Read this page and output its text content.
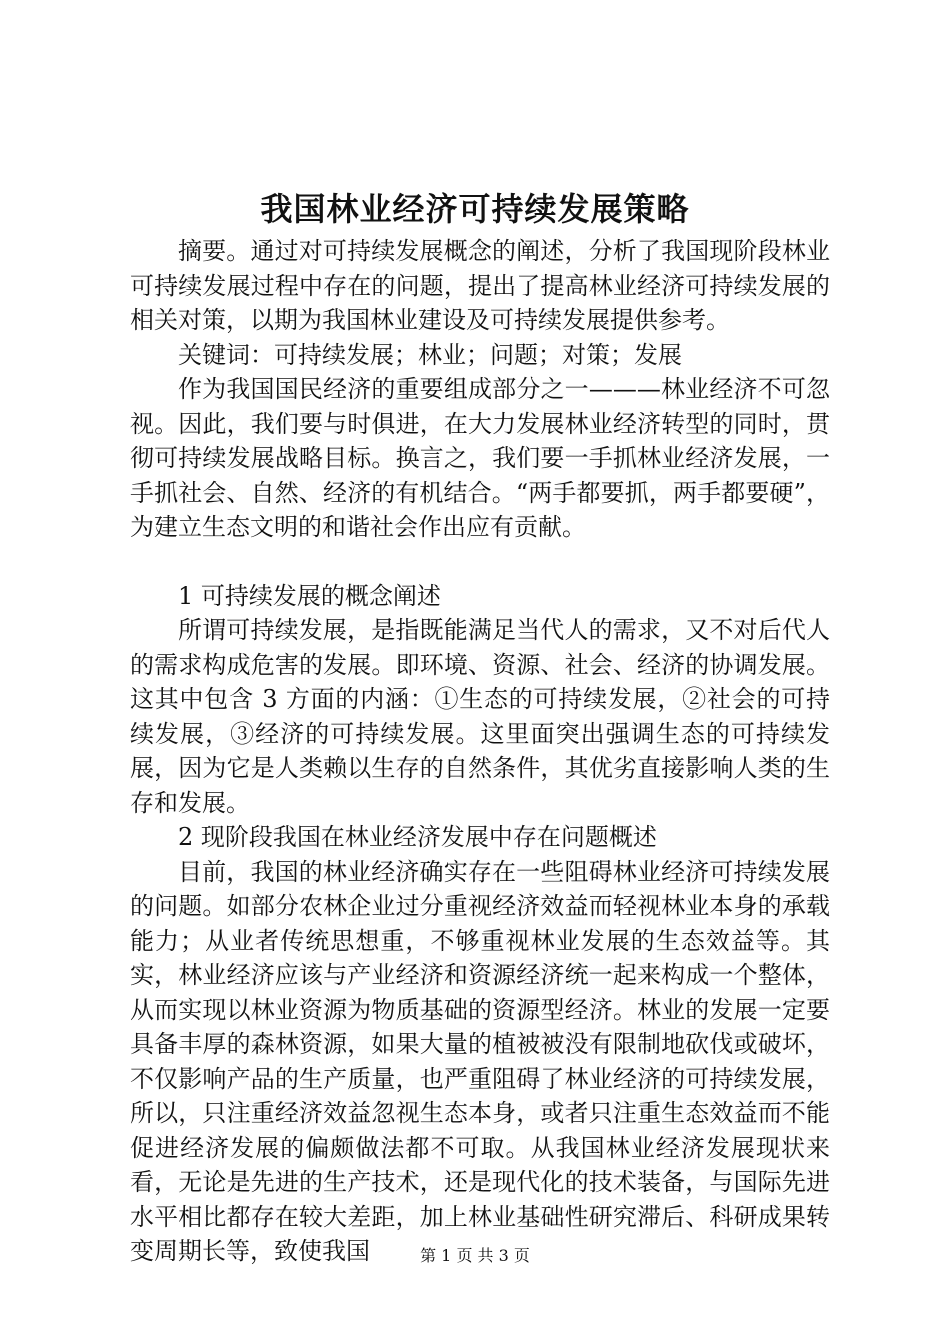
我国林业经济可持续发展策略

摘要。通过对可持续发展概念的阐述，分析了我国现阶段林业可持续发展过程中存在的问题，提出了提高林业经济可持续发展的相关对策，以期为我国林业建设及可持续发展提供参考。

关键词：可持续发展；林业；问题；对策；发展

作为我国国民经济的重要组成部分之一———林业经济不可忽视。因此，我们要与时俱进，在大力发展林业经济转型的同时，贯彻可持续发展战略目标。换言之，我们要一手抓林业经济发展，一手抓社会、自然、经济的有机结合。“两手都要抓，两手都要硬”，为建立生态文明的和谐社会作出应有贡献。

1 可持续发展的概念阐述

所谓可持续发展，是指既能满足当代人的需求，又不对后代人的需求构成危害的发展。即环境、资源、社会、经济的协调发展。这其中包含 3 方面的内涵：①生态的可持续发展，②社会的可持续发展，③经济的可持续发展。这里面突出强调生态的可持续发展，因为它是人类赖以生存的自然条件，其优劣直接影响人类的生存和发展。

2 现阶段我国在林业经济发展中存在问题概述

目前，我国的林业经济确实存在一些阻碍林业经济可持续发展的问题。如部分农林企业过分重视经济效益而轻视林业本身的承载能力；从业者传统思想重，不够重视林业发展的生态效益等。其实，林业经济应该与产业经济和资源经济统一起来构成一个整体，从而实现以林业资源为物质基础的资源型经济。林业的发展一定要具备丰厚的森林资源，如果大量的植被被没有限制地砍伐或破坏，不仅影响产品的生产质量，也严重阻碍了林业经济的可持续发展，所以，只注重经济效益忽视生态本身，或者只注重生态效益而不能促进经济发展的偏颇做法都不可取。从我国林业经济发展现状来看，无论是先进的生产技术，还是现代化的技术装备，与国际先进水平相比都存在较大差距，加上林业基础性研究滞后、科研成果转变周期长等，致使我国	第 1 页 共 3 页
